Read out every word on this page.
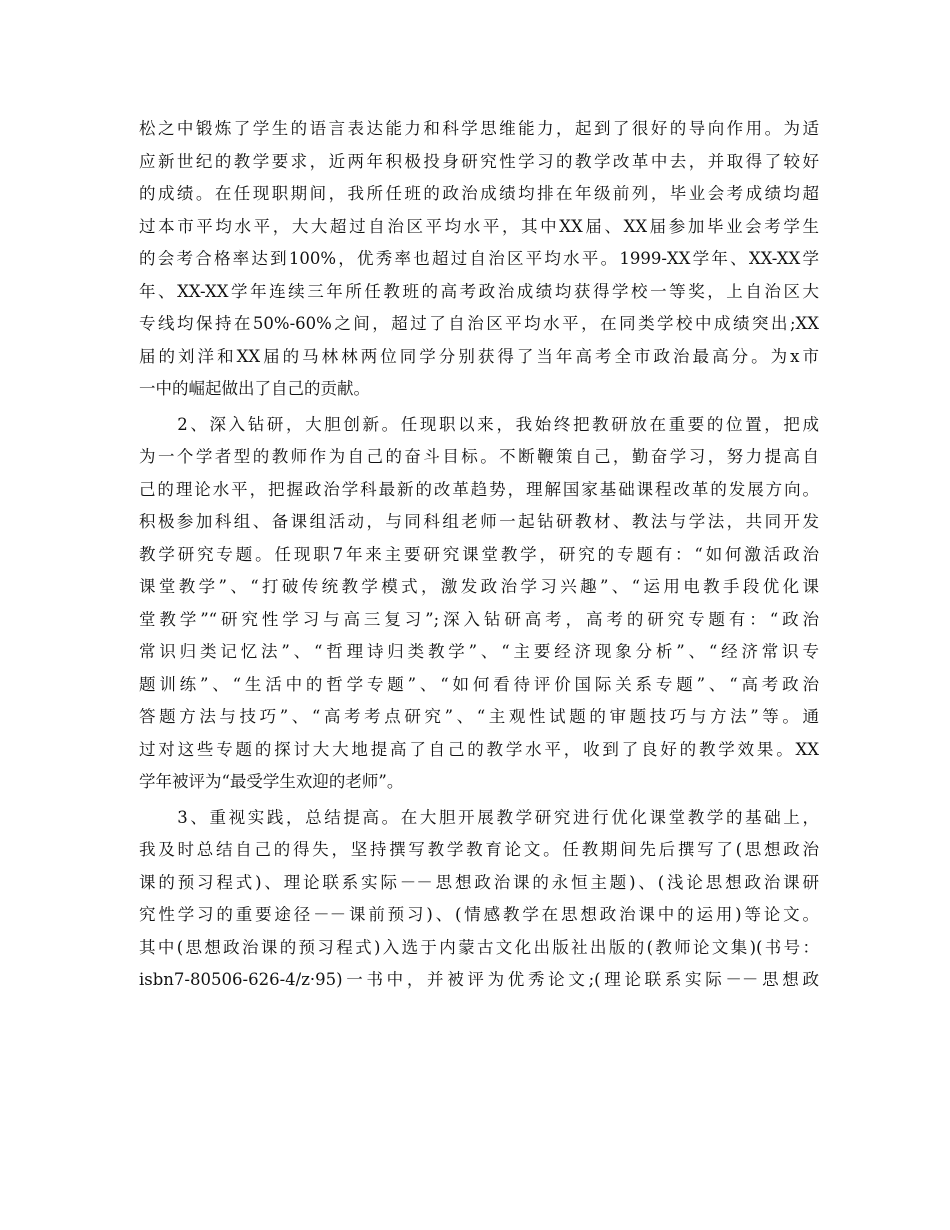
松之中锻炼了学生的语言表达能力和科学思维能力，起到了很好的导向作用。为适
应新世纪的教学要求，近两年积极投身研究性学习的教学改革中去，并取得了较好
的成绩。在任现职期间，我所任班的政治成绩均排在年级前列，毕业会考成绩均超
过本市平均水平，大大超过自治区平均水平，其中XX届、XX届参加毕业会考学生
的会考合格率达到100%，优秀率也超过自治区平均水平。1999-XX学年、XX-XX学
年、XX-XX学年连续三年所任教班的高考政治成绩均获得学校一等奖，上自治区大
专线均保持在50%-60%之间，超过了自治区平均水平，在同类学校中成绩突出;XX
届的刘洋和XX届的马林林两位同学分别获得了当年高考全市政治最高分。为x市
一中的崛起做出了自己的贡献。
　　2、深入钻研，大胆创新。任现职以来，我始终把教研放在重要的位置，把成
为一个学者型的教师作为自己的奋斗目标。不断鞭策自己，勤奋学习，努力提高自
己的理论水平，把握政治学科最新的改革趋势，理解国家基础课程改革的发展方向。
积极参加科组、备课组活动，与同科组老师一起钻研教材、教法与学法，共同开发
教学研究专题。任现职7年来主要研究课堂教学，研究的专题有：“如何激活政治
课堂教学”、“打破传统教学模式，激发政治学习兴趣”、“运用电教手段优化课
堂教学”“研究性学习与高三复习”;深入钻研高考，高考的研究专题有：“政治
常识归类记忆法”、“哲理诗归类教学”、“主要经济现象分析”、“经济常识专
题训练”、“生活中的哲学专题”、“如何看待评价国际关系专题”、“高考政治
答题方法与技巧”、“高考考点研究”、“主观性试题的审题技巧与方法”等。通
过对这些专题的探讨大大地提高了自己的教学水平，收到了良好的教学效果。XX
学年被评为“最受学生欢迎的老师”。
　　3、重视实践，总结提高。在大胆开展教学研究进行优化课堂教学的基础上，
我及时总结自己的得失，坚持撰写教学教育论文。任教期间先后撰写了(思想政治
课的预习程式)、理论联系实际－－思想政治课的永恒主题)、(浅论思想政治课研
究性学习的重要途径－－课前预习)、(情感教学在思想政治课中的运用)等论文。
其中(思想政治课的预习程式)入选于内蒙古文化出版社出版的(教师论文集)(书号：
isbn7-80506-626-4/z·95)一书中，并被评为优秀论文;(理论联系实际－－思想政
